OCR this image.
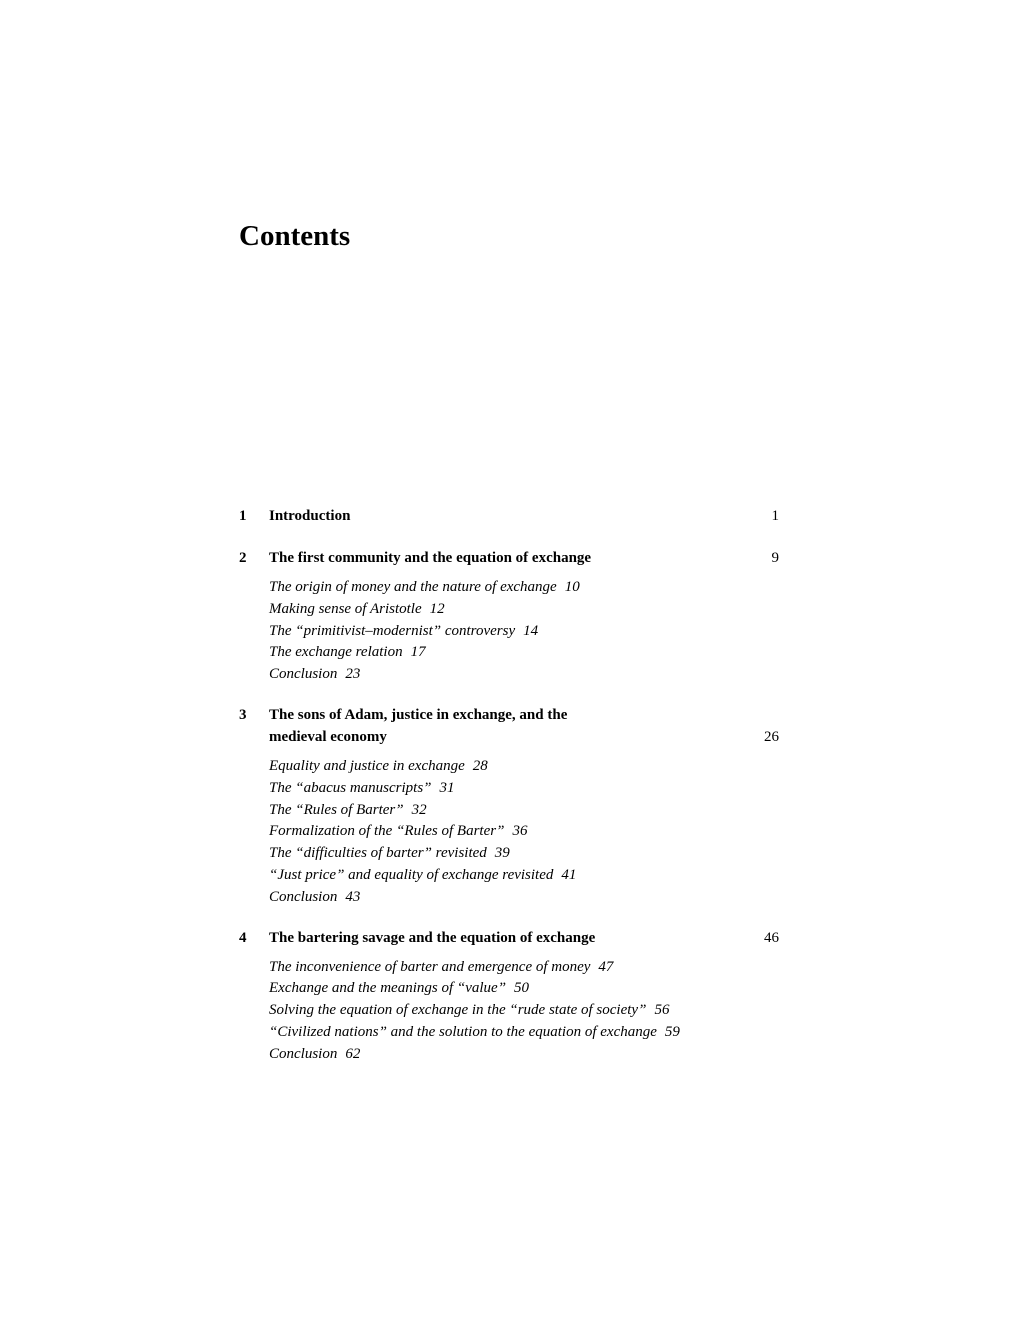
Contents
1 Introduction	1
2 The first community and the equation of exchange	9
The origin of money and the nature of exchange 10
Making sense of Aristotle 12
The “primitivist–modernist” controversy 14
The exchange relation 17
Conclusion 23
3 The sons of Adam, justice in exchange, and the medieval economy	26
Equality and justice in exchange 28
The “abacus manuscripts” 31
The “Rules of Barter” 32
Formalization of the “Rules of Barter” 36
The “difficulties of barter” revisited 39
“Just price” and equality of exchange revisited 41
Conclusion 43
4 The bartering savage and the equation of exchange	46
The inconvenience of barter and emergence of money 47
Exchange and the meanings of “value” 50
Solving the equation of exchange in the “rude state of society” 56
“Civilized nations” and the solution to the equation of exchange 59
Conclusion 62
